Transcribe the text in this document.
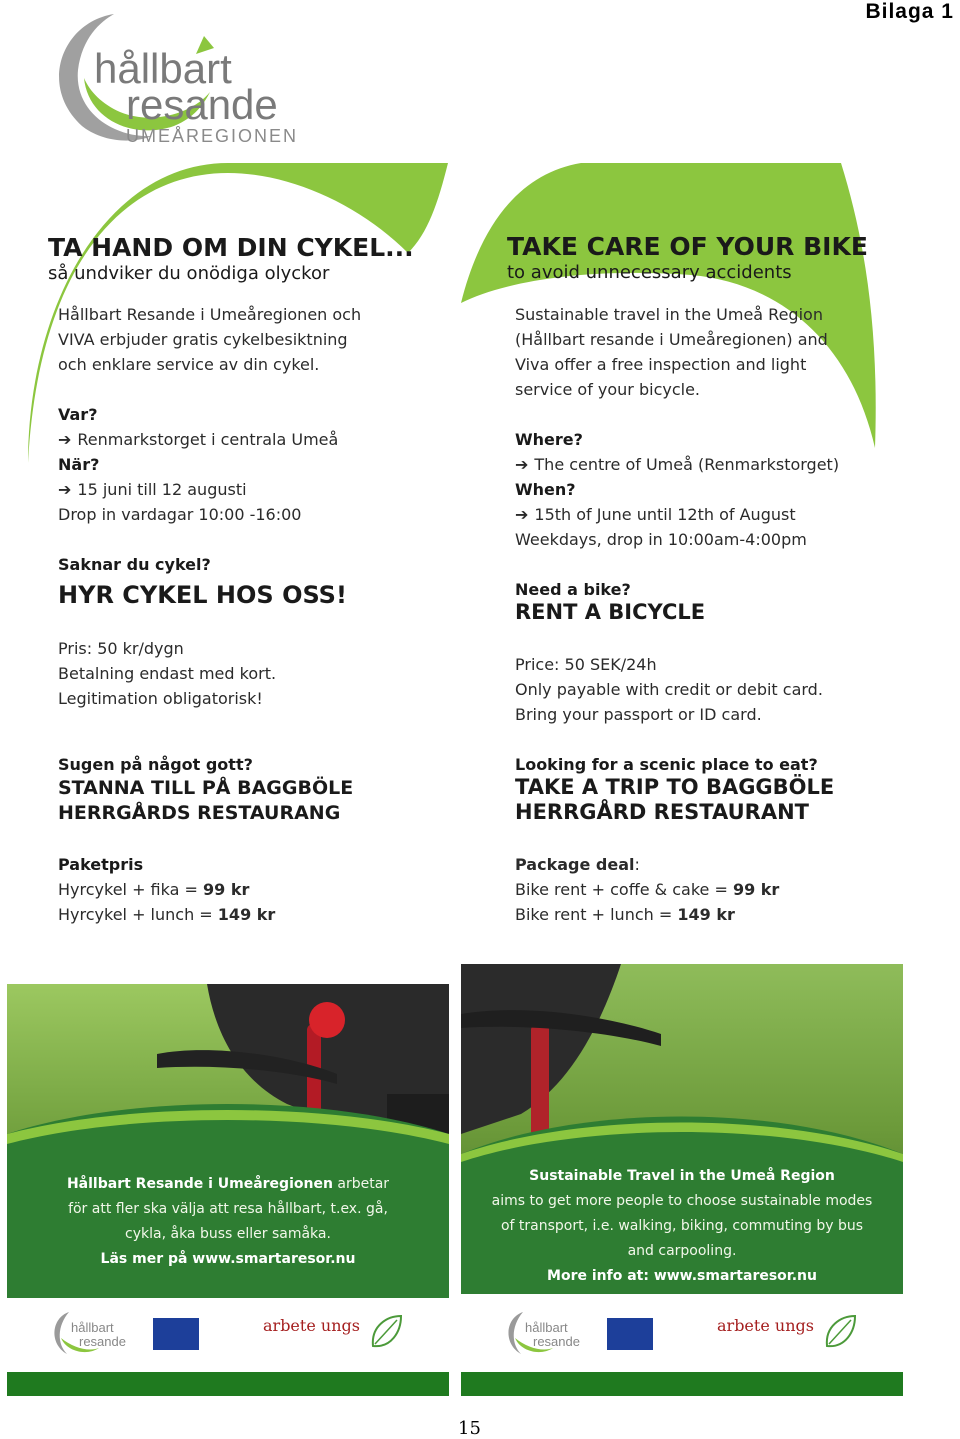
Bilaga 1
hållbart
resande
UMEÅREGIONEN
TA HAND OM DIN CYKEL...
så undviker du onödiga olyckor
Hållbart Resande i Umeåregionen och
VIVA erbjuder gratis cykelbesiktning
och enklare service av din cykel.
Var?
➔ Renmarkstorget i centrala Umeå
När?
➔ 15 juni till 12 augusti
Drop in vardagar 10:00 -16:00
Saknar du cykel?
HYR CYKEL HOS OSS!
Pris: 50 kr/dygn
Betalning endast med kort.
Legitimation obligatorisk!
Sugen på något gott?
STANNA TILL PÅ BAGGBÖLE
HERRGÅRDS RESTAURANG
Paketpris
Hyrcykel + fika = 99 kr
Hyrcykel + lunch = 149 kr
TAKE CARE OF YOUR BIKE
to avoid unnecessary accidents
Sustainable travel in the Umeå Region
(Hållbart resande i Umeåregionen) and
Viva offer a free inspection and light
service of your bicycle.
Where?
➔ The centre of Umeå (Renmarkstorget)
When?
➔ 15th of June until 12th of August
Weekdays, drop in 10:00am-4:00pm
Need a bike?
RENT A BICYCLE
Price: 50 SEK/24h
Only payable with credit or debit card.
Bring your passport or ID card.
Looking for a scenic place to eat?
TAKE A TRIP TO BAGGBÖLE
HERRGÅRD RESTAURANT
Package deal:
Bike rent + coffe & cake = 99 kr
Bike rent + lunch = 149 kr
Hållbart Resande i Umeåregionen arbetar
för att fler ska välja att resa hållbart, t.ex. gå,
cykla, åka buss eller samåka.
Läs mer på www.smartaresor.nu
hållbart
resande
arbete ungs
Sustainable Travel in the Umeå Region
aims to get more people to choose sustainable modes
of transport, i.e. walking, biking, commuting by bus
and carpooling.
More info at: www.smartaresor.nu
hållbart
resande
arbete ungs
15
